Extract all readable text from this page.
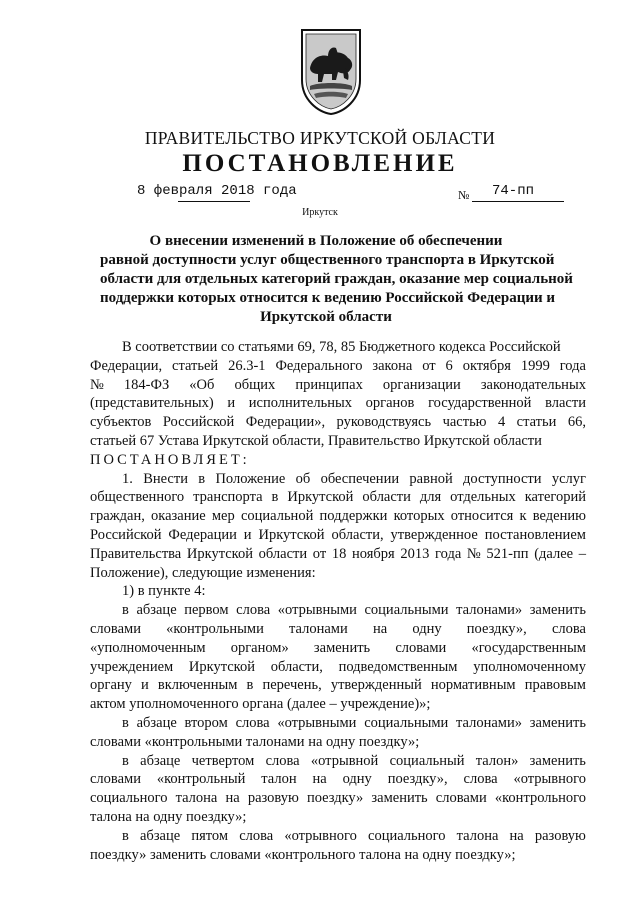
ПРАВИТЕЛЬСТВО ИРКУТСКОЙ ОБЛАСТИ
ПОСТАНОВЛЕНИЕ
8 февраля 2018 года	№ 74-пп
Иркутск
О внесении изменений в Положение об обеспечении
равной доступности услуг общественного транспорта в Иркутской
области для отдельных категорий граждан, оказание мер социальной
поддержки которых относится к ведению Российской Федерации и
Иркутской области
В соответствии со статьями 69, 78, 85 Бюджетного кодекса Российской
Федерации, статьей 26.3-1 Федерального закона от 6 октября 1999 года
№ 184-ФЗ «Об общих принципах организации законодательных
(представительных) и исполнительных органов государственной власти
субъектов Российской Федерации», руководствуясь частью 4 статьи 66,
статьей 67 Устава Иркутской области, Правительство Иркутской области
ПОСТАНОВЛЯЕТ:
1. Внести в Положение об обеспечении равной доступности услуг
общественного транспорта в Иркутской области для отдельных категорий
граждан, оказание мер социальной поддержки которых относится к ведению
Российской Федерации и Иркутской области, утвержденное постановлением
Правительства Иркутской области от 18 ноября 2013 года № 521-пп (далее –
Положение), следующие изменения:
1) в пункте 4:
в абзаце первом слова «отрывными социальными талонами» заменить
словами «контрольными талонами на одну поездку», слова
«уполномоченным органом» заменить словами «государственным
учреждением Иркутской области, подведомственным уполномоченному
органу и включенным в перечень, утвержденный нормативным правовым
актом уполномоченного органа (далее – учреждение)»;
в абзаце втором слова «отрывными социальными талонами» заменить
словами «контрольными талонами на одну поездку»;
в абзаце четвертом слова «отрывной социальный талон» заменить
словами «контрольный талон на одну поездку», слова «отрывного
социального талона на разовую поездку» заменить словами «контрольного
талона на одну поездку»;
в абзаце пятом слова «отрывного социального талона на разовую
поездку» заменить словами «контрольного талона на одну поездку»;
